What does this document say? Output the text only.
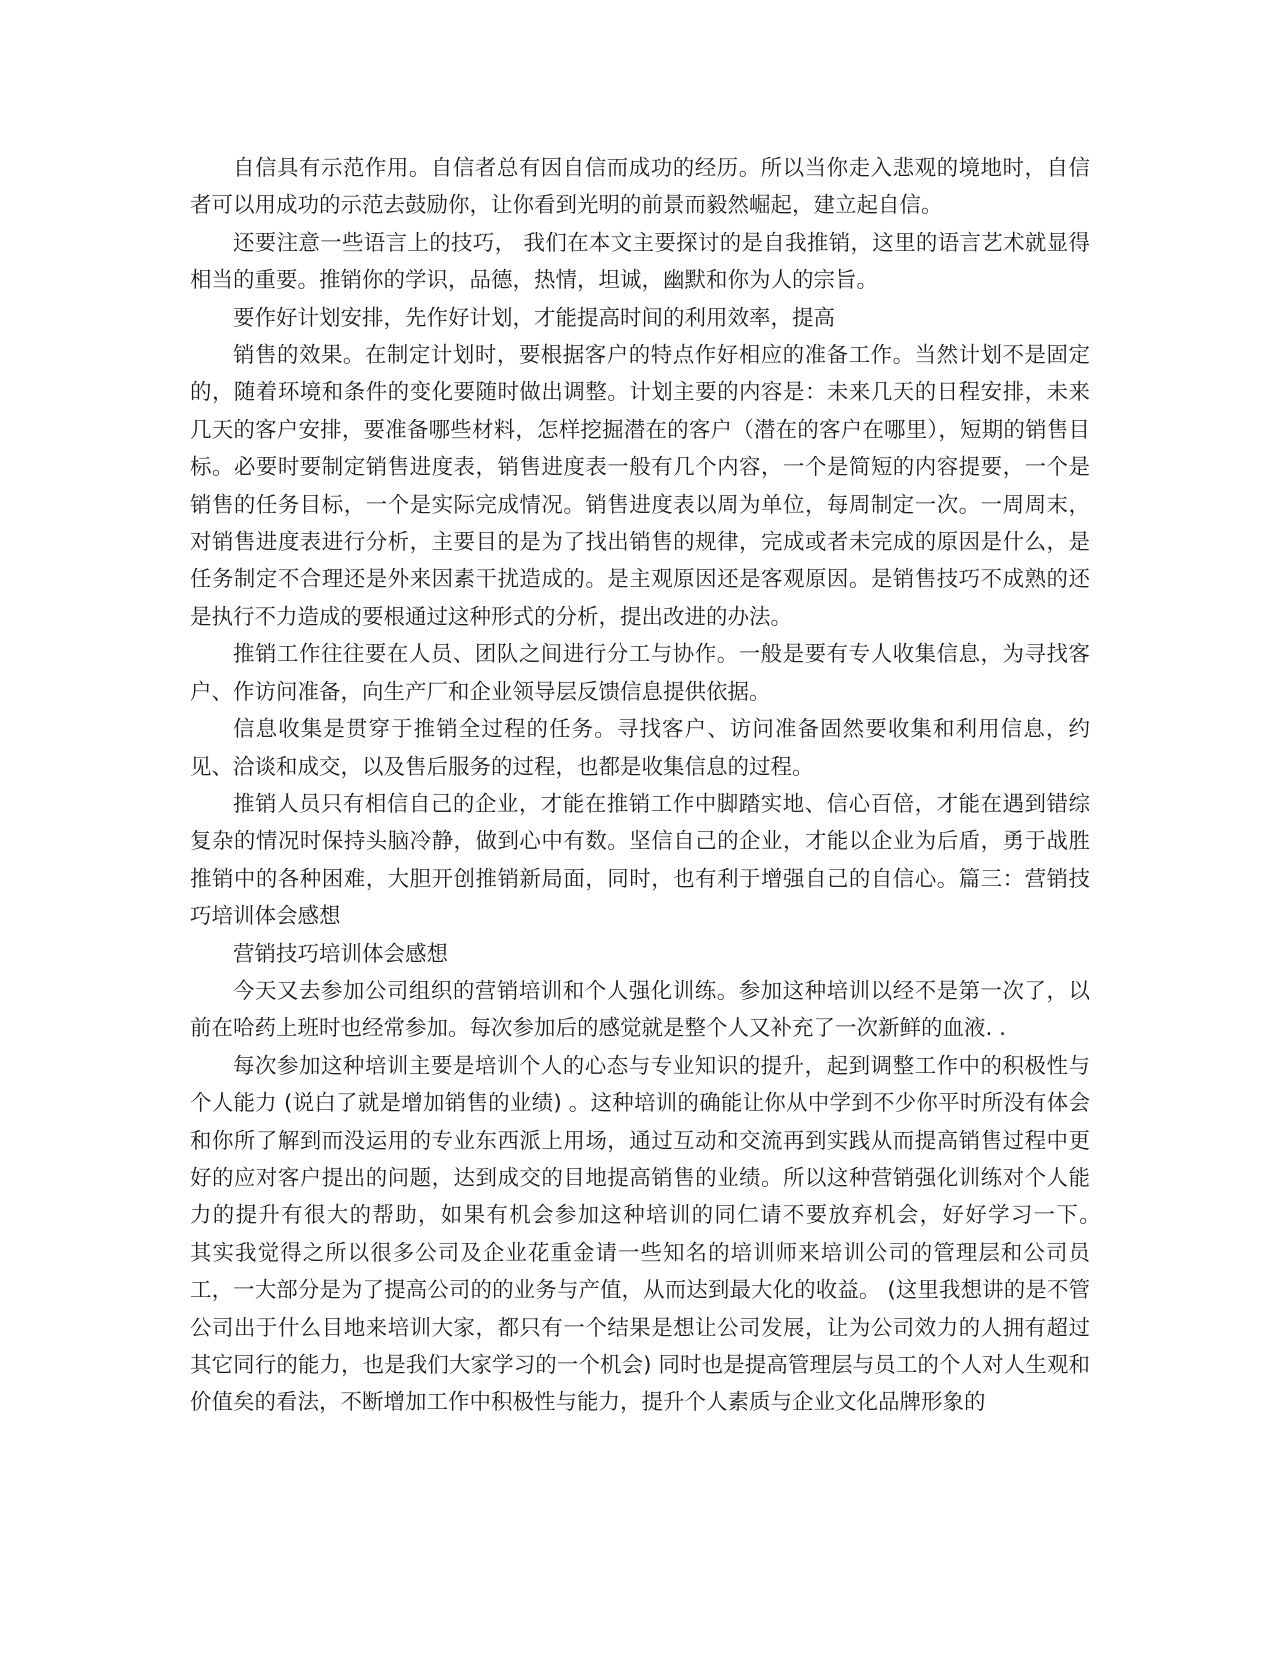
自信具有示范作用。自信者总有因自信而成功的经历。所以当你走入悲观的境地时，自信者可以用成功的示范去鼓励你，让你看到光明的前景而毅然崛起，建立起自信。

还要注意一些语言上的技巧， 我们在本文主要探讨的是自我推销，这里的语言艺术就显得相当的重要。推销你的学识，品德，热情，坦诚，幽默和你为人的宗旨。

要作好计划安排，先作好计划，才能提高时间的利用效率，提高

销售的效果。在制定计划时，要根据客户的特点作好相应的准备工作。当然计划不是固定的，随着环境和条件的变化要随时做出调整。计划主要的内容是：未来几天的日程安排，未来几天的客户安排，要准备哪些材料，怎样挖掘潜在的客户（潜在的客户在哪里），短期的销售目标。必要时要制定销售进度表，销售进度表一般有几个内容，一个是简短的内容提要，一个是销售的任务目标，一个是实际完成情况。销售进度表以周为单位，每周制定一次。一周周末，对销售进度表进行分析，主要目的是为了找出销售的规律，完成或者未完成的原因是什么，是任务制定不合理还是外来因素干扰造成的。是主观原因还是客观原因。是销售技巧不成熟的还是执行不力造成的要根通过这种形式的分析，提出改进的办法。

推销工作往往要在人员、团队之间进行分工与协作。一般是要有专人收集信息，为寻找客户、作访问准备，向生产厂和企业领导层反馈信息提供依据。

信息收集是贯穿于推销全过程的任务。寻找客户、访问准备固然要收集和利用信息，约见、洽谈和成交，以及售后服务的过程，也都是收集信息的过程。

推销人员只有相信自己的企业，才能在推销工作中脚踏实地、信心百倍，才能在遇到错综复杂的情况时保持头脑冷静，做到心中有数。坚信自己的企业，才能以企业为后盾，勇于战胜推销中的各种困难，大胆开创推销新局面，同时，也有利于增强自己的自信心。篇三：营销技巧培训体会感想

营销技巧培训体会感想

今天又去参加公司组织的营销培训和个人强化训练。参加这种培训以经不是第一次了，以前在哈药上班时也经常参加。每次参加后的感觉就是整个人又补充了一次新鲜的血液. .

每次参加这种培训主要是培训个人的心态与专业知识的提升，起到调整工作中的积极性与个人能力 (说白了就是增加销售的业绩) 。这种培训的确能让你从中学到不少你平时所没有体会和你所了解到而没运用的专业东西派上用场，通过互动和交流再到实践从而提高销售过程中更好的应对客户提出的问题，达到成交的目地提高销售的业绩。所以这种营销强化训练对个人能力的提升有很大的帮助，如果有机会参加这种培训的同仁请不要放弃机会，好好学习一下。　　其实我觉得之所以很多公司及企业花重金请一些知名的培训师来培训公司的管理层和公司员工，一大部分是为了提高公司的的业务与产值，从而达到最大化的收益。 (这里我想讲的是不管公司出于什么目地来培训大家，都只有一个结果是想让公司发展，让为公司效力的人拥有超过其它同行的能力，也是我们大家学习的一个机会) 同时也是提高管理层与员工的个人对人生观和价值矣的看法，不断增加工作中积极性与能力，提升个人素质与企业文化品牌形象的
